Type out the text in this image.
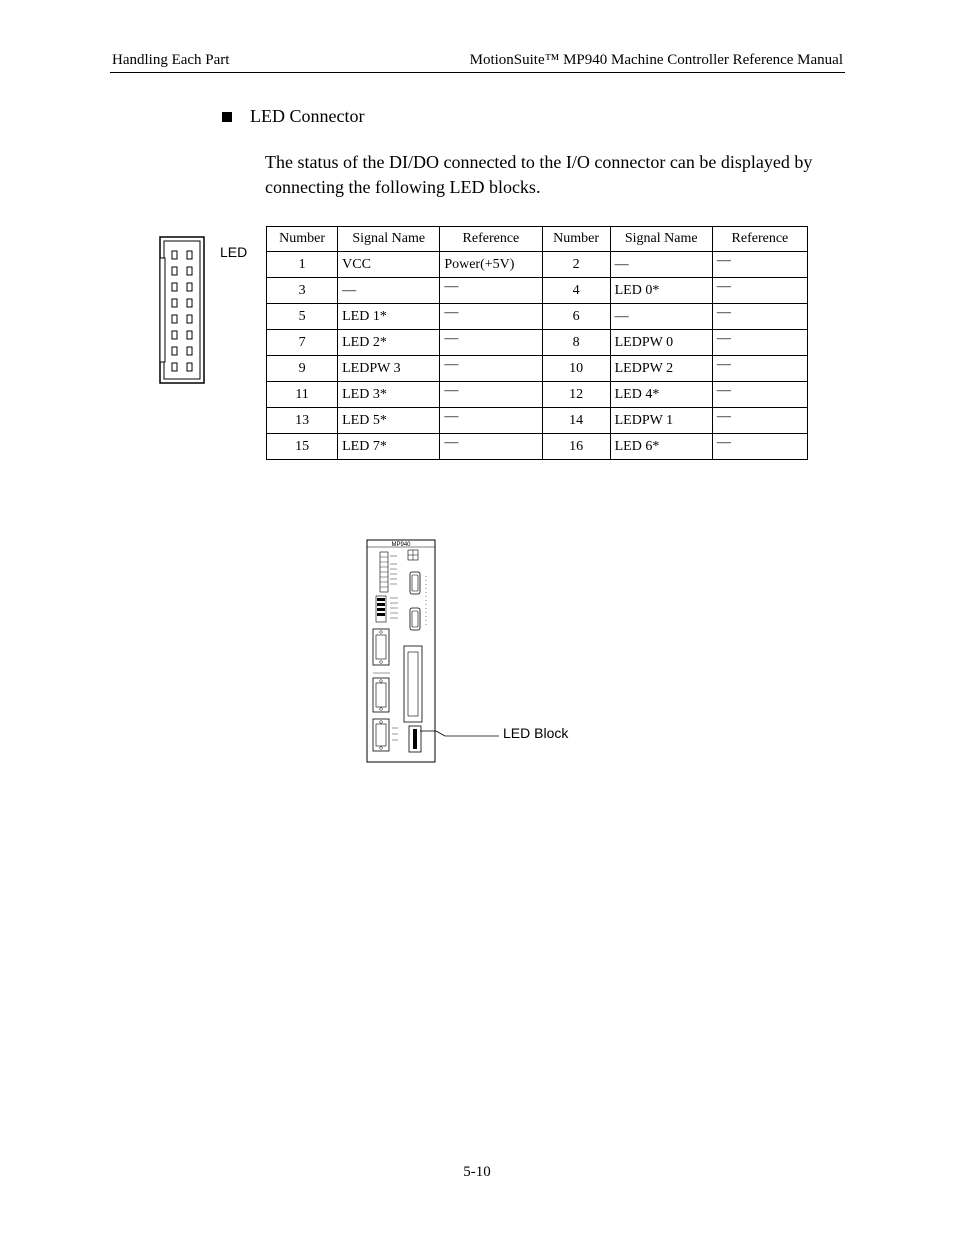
Handling Each Part	MotionSuite™ MP940 Machine Controller Reference Manual
LED Connector
The status of the DI/DO connected to the I/O connector can be displayed by connecting the following LED blocks.
LED
Number	Signal Name	Reference	Number	Signal Name	Reference
1	VCC	Power(+5V)	2	—	—
3	—	—	4	LED 0*	—
5	LED 1*	—	6	—	—
7	LED 2*	—	8	LEDPW 0	—
9	LEDPW 3	—	10	LEDPW 2	—
11	LED 3*	—	12	LED 4*	—
13	LED 5*	—	14	LEDPW 1	—
15	LED 7*	—	16	LED 6*	—
MP940
LED Block
5-10
